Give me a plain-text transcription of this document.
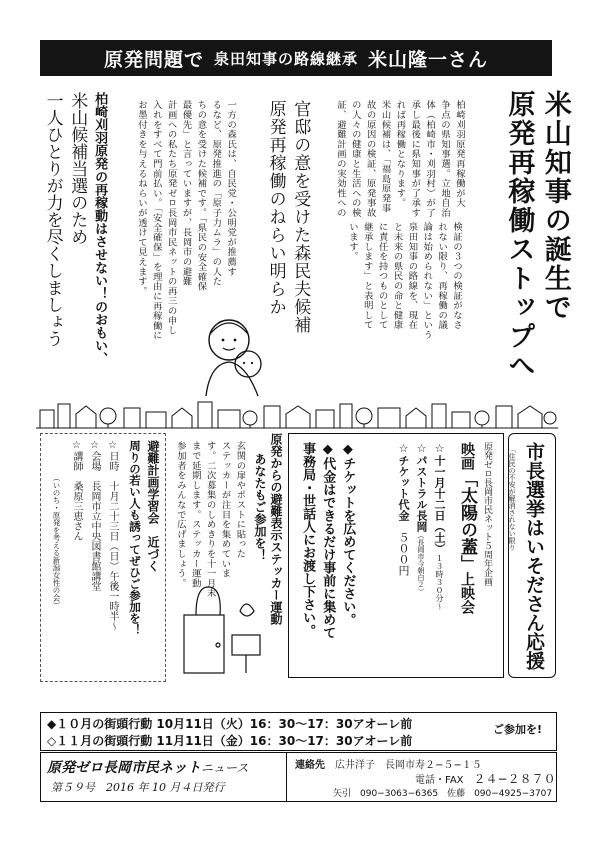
原発問題で 泉田知事の路線継承 米山隆一さん
米山知事の誕生で
原発再稼働ストップへ
柏崎刈羽原発再稼働が大
争点の県知事選。立地自治
体（柏崎市・刈羽村）が了
承し最後に県知事が了承す
れば再稼働となります。
米山候補は、「福島原発事
故の原因の検証、原発事故
の人々の健康と生活への検
証、避難計画の実効性への
検証の３つの検証がなさ
れない限り、再稼働の議
論は始められない」という
泉田知事の路線を、現在
と未来の県民の命と健康
に責任を持つものとして
継承します」と表明して
います。
官邸の意を受けた森民夫候補
原発再稼働のねらい明らか
一方の森氏は、自民党・公明党が推薦す
るなど、原発推進の「原子力ムラ」の人た
ちの意を受けた候補です。「県民の安全確保
最優先」と言っていますが、長岡市の避難
計画への私たち原発ゼロ長岡市民ネットの再三の申し
入れをすべて門前払い。「安全確保」を理由に再稼働に
お墨付きを与えるねらいが透けて見えます。
柏崎刈羽原発の再稼動はさせない！のおもい、
米山候補当選のため
一人ひとりが力を尽くしましょう
市長選挙はいそださん応援
「住民の不安が解消されない限り
原発ゼロ長岡市民ネット５周年企画
映画「太陽の蓋」上映会
☆十一月十二日（土）１３時３０分〜
☆パストラル長岡（長岡市今朝白２）
☆チケット代金　５００円
◆チケットを広めてください。
◆代金はできるだけ事前に集めて
事務局・世話人にお渡し下さい。
原発からの避難表示ステッカー運動
あなたもご参加を！
玄関の扉やポストに貼った
ステッカーが注目を集めていま
す。二次募集のしめきりを十一月末
まで延期します。ステッカー運動
参加者をみんなで広げましょう。
避難計画学習会　近づく
周りの若い人も誘ってぜひご参加を！
☆日時　十月二十三日（日）午後一時半〜
☆会場　長岡市立中央図書館講堂
☆講師　桑原三恵さん
（いのち・原発を考える新潟女性の会）
◆１０月の街頭行動 10月11日（火）16：30〜17：30アオーレ前
◇１１月の街頭行動 11月11日（金）16：30〜17：30アオーレ前
ご参加を!
原発ゼロ長岡市民ネットニュース
第５９号　2016 年 10 月４日発行
連絡先　 広井洋子　長岡市寿２−５−１５
電話・FAX　 ２４−２８７０
矢引　090−3063−6365　佐藤　090−4925−3707
